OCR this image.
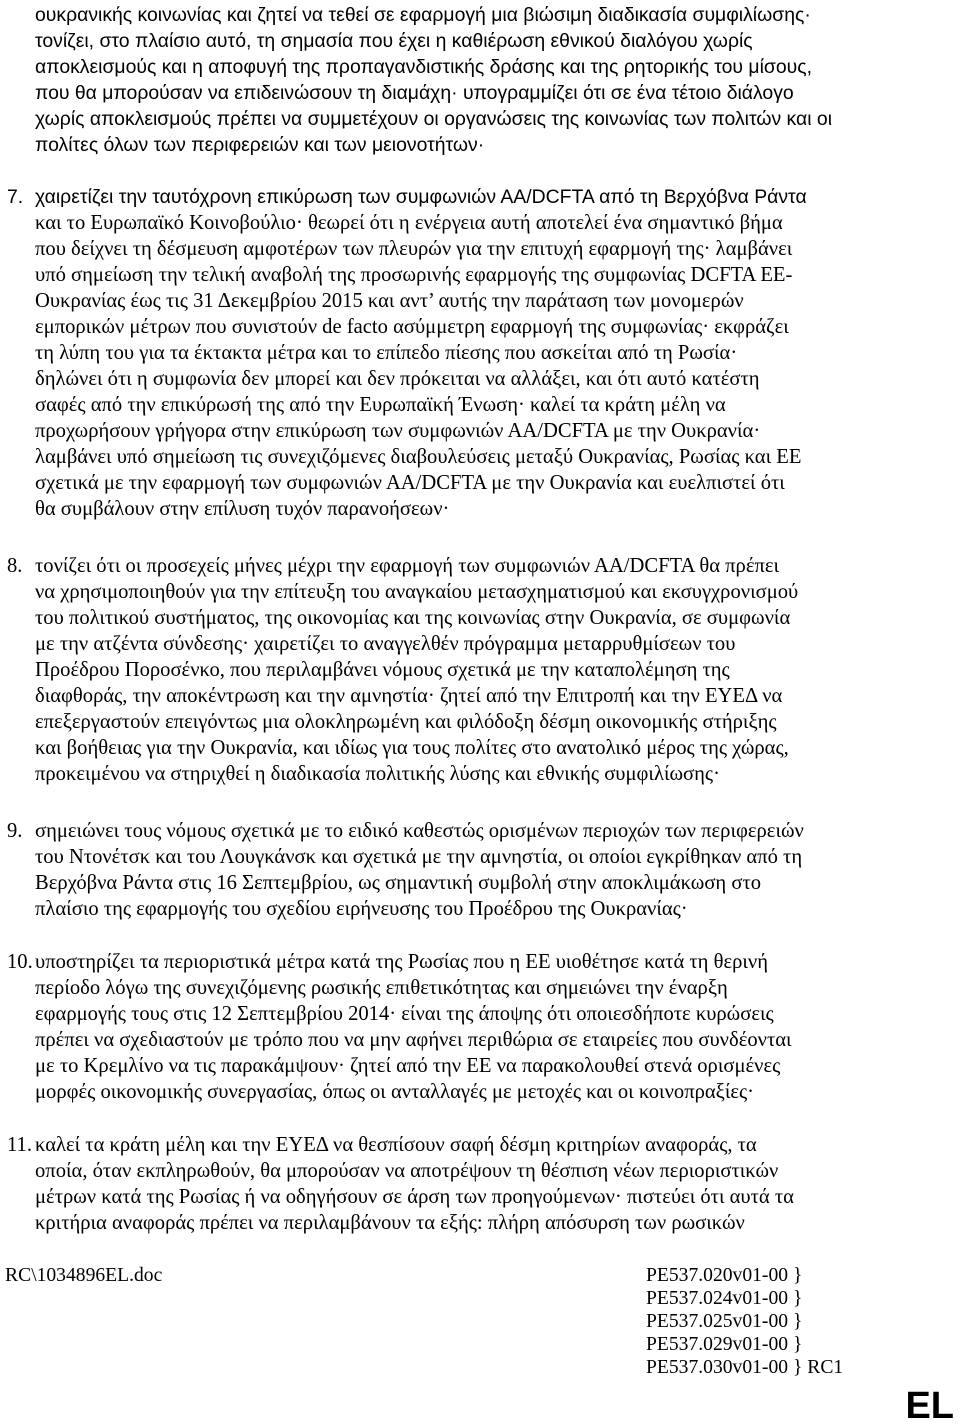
ουκρανικής κοινωνίας και ζητεί να τεθεί σε εφαρμογή μια βιώσιμη διαδικασία συμφιλίωσης·
τονίζει, στο πλαίσιο αυτό, τη σημασία που έχει η καθιέρωση εθνικού διαλόγου χωρίς
αποκλεισμούς και η αποφυγή της προπαγανδιστικής δράσης και της ρητορικής του μίσους,
που θα μπορούσαν να επιδεινώσουν τη διαμάχη· υπογραμμίζει ότι σε ένα τέτοιο διάλογο
χωρίς αποκλεισμούς πρέπει να συμμετέχουν οι οργανώσεις της κοινωνίας των πολιτών και οι
πολίτες όλων των περιφερειών και των μειονοτήτων·
7. χαιρετίζει την ταυτόχρονη επικύρωση των συμφωνιών ΑΑ/DCFTA από τη Βερχόβνα Ράντα
και το Ευρωπαϊκό Κοινοβούλιο· θεωρεί ότι η ενέργεια αυτή αποτελεί ένα σημαντικό βήμα
που δείχνει τη δέσμευση αμφοτέρων των πλευρών για την επιτυχή εφαρμογή της· λαμβάνει
υπό σημείωση την τελική αναβολή της προσωρινής εφαρμογής της συμφωνίας DCFTA ΕΕ-
Ουκρανίας έως τις 31 Δεκεμβρίου 2015 και αντ’ αυτής την παράταση των μονομερών
εμπορικών μέτρων που συνιστούν de facto ασύμμετρη εφαρμογή της συμφωνίας· εκφράζει
τη λύπη του για τα έκτακτα μέτρα και το επίπεδο πίεσης που ασκείται από τη Ρωσία·
δηλώνει ότι η συμφωνία δεν μπορεί και δεν πρόκειται να αλλάξει, και ότι αυτό κατέστη
σαφές από την επικύρωσή της από την Ευρωπαϊκή Ένωση· καλεί τα κράτη μέλη να
προχωρήσουν γρήγορα στην επικύρωση των συμφωνιών ΑΑ/DCFTA με την Ουκρανία·
λαμβάνει υπό σημείωση τις συνεχιζόμενες διαβουλεύσεις μεταξύ Ουκρανίας, Ρωσίας και ΕΕ
σχετικά με την εφαρμογή των συμφωνιών ΑΑ/DCFTA με την Ουκρανία και ευελπιστεί ότι
θα συμβάλουν στην επίλυση τυχόν παρανοήσεων·
8. τονίζει ότι οι προσεχείς μήνες μέχρι την εφαρμογή των συμφωνιών ΑΑ/DCFTA θα πρέπει
να χρησιμοποιηθούν για την επίτευξη του αναγκαίου μετασχηματισμού και εκσυγχρονισμού
του πολιτικού συστήματος, της οικονομίας και της κοινωνίας στην Ουκρανία, σε συμφωνία
με την ατζέντα σύνδεσης· χαιρετίζει το αναγγελθέν πρόγραμμα μεταρρυθμίσεων του
Προέδρου Ποροσένκο, που περιλαμβάνει νόμους σχετικά με την καταπολέμηση της
διαφθοράς, την αποκέντρωση και την αμνηστία· ζητεί από την Επιτροπή και την ΕΥΕΔ να
επεξεργαστούν επειγόντως μια ολοκληρωμένη και φιλόδοξη δέσμη οικονομικής στήριξης
και βοήθειας για την Ουκρανία, και ιδίως για τους πολίτες στο ανατολικό μέρος της χώρας,
προκειμένου να στηριχθεί η διαδικασία πολιτικής λύσης και εθνικής συμφιλίωσης·
9. σημειώνει τους νόμους σχετικά με το ειδικό καθεστώς ορισμένων περιοχών των περιφερειών
του Ντονέτσκ και του Λουγκάνσκ και σχετικά με την αμνηστία, οι οποίοι εγκρίθηκαν από τη
Βερχόβνα Ράντα στις 16 Σεπτεμβρίου, ως σημαντική συμβολή στην αποκλιμάκωση στο
πλαίσιο της εφαρμογής του σχεδίου ειρήνευσης του Προέδρου της Ουκρανίας·
10. υποστηρίζει τα περιοριστικά μέτρα κατά της Ρωσίας που η ΕΕ υιοθέτησε κατά τη θερινή
περίοδο λόγω της συνεχιζόμενης ρωσικής επιθετικότητας και σημειώνει την έναρξη
εφαρμογής τους στις 12 Σεπτεμβρίου 2014· είναι της άποψης ότι οποιεσδήποτε κυρώσεις
πρέπει να σχεδιαστούν με τρόπο που να μην αφήνει περιθώρια σε εταιρείες που συνδέονται
με το Κρεμλίνο να τις παρακάμψουν· ζητεί από την ΕΕ να παρακολουθεί στενά ορισμένες
μορφές οικονομικής συνεργασίας, όπως οι ανταλλαγές με μετοχές και οι κοινοπραξίες·
11. καλεί τα κράτη μέλη και την ΕΥΕΔ να θεσπίσουν σαφή δέσμη κριτηρίων αναφοράς, τα
οποία, όταν εκπληρωθούν, θα μπορούσαν να αποτρέψουν τη θέσπιση νέων περιοριστικών
μέτρων κατά της Ρωσίας ή να οδηγήσουν σε άρση των προηγούμενων· πιστεύει ότι αυτά τα
κριτήρια αναφοράς πρέπει να περιλαμβάνουν τα εξής: πλήρη απόσυρση των ρωσικών
RC\1034896EL.doc	PE537.020v01-00 }
PE537.024v01-00 }
PE537.025v01-00 }
PE537.029v01-00 }
PE537.030v01-00 } RC1
EL
